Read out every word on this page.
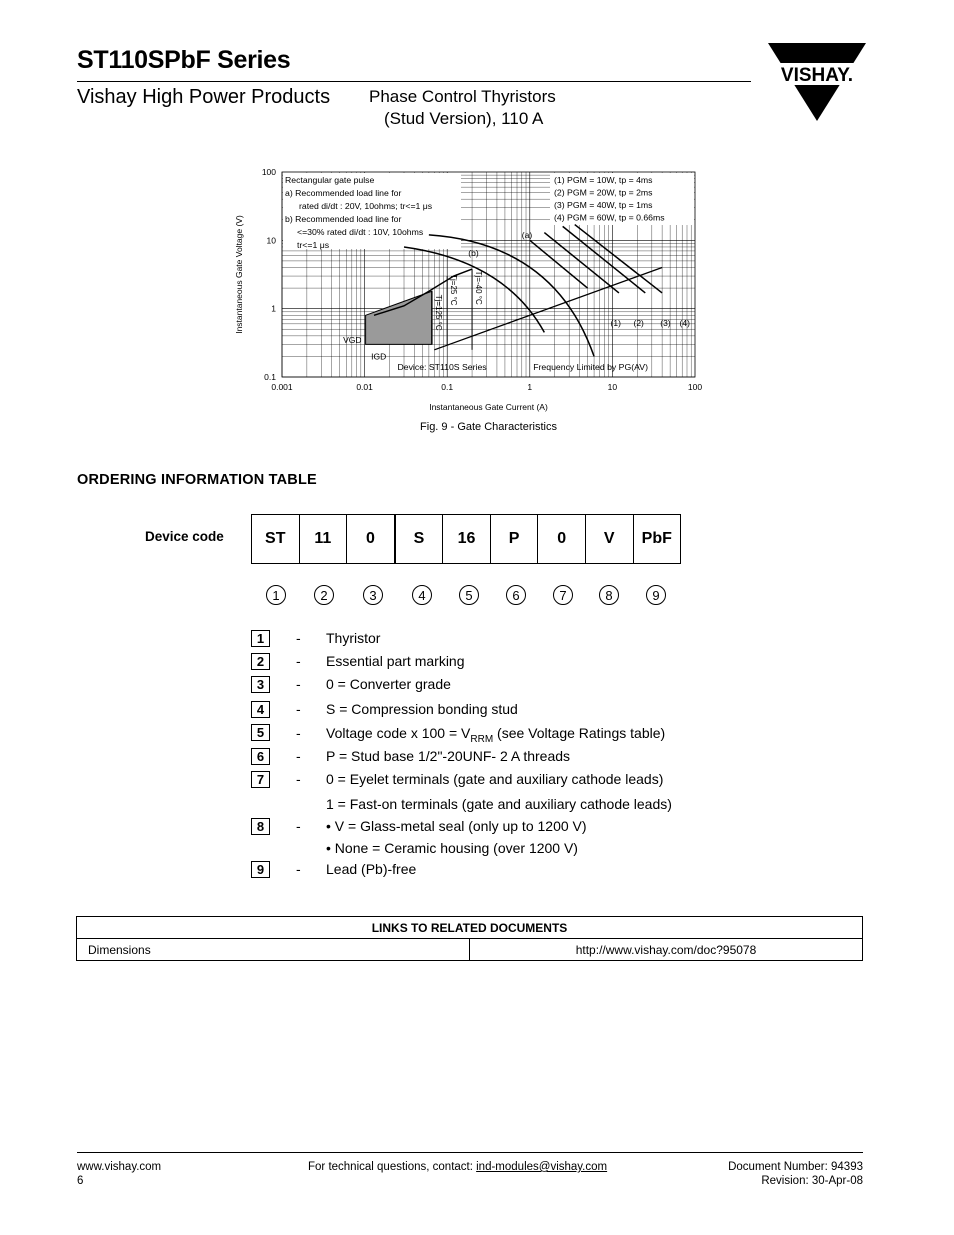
ST110SPbF Series
Vishay High Power Products Phase Control Thyristors
(Stud Version), 110 A
VISHAY.
0.001	0.01	0.1	1	10	100
0.1
1
10
100
Instantaneous Gate Current (A)
Instantaneous Gate Voltage (V)
Rectangular gate pulse
a) Recommended load line for
rated di/dt : 20V, 10ohms; tr<=1 μs
b) Recommended load line for
<=30% rated di/dt : 10V, 10ohms
tr<=1 μs
(1) PGM = 10W, tp = 4ms
(2) PGM = 20W, tp = 2ms
(3) PGM = 40W, tp = 1ms
(4) PGM = 60W, tp = 0.66ms
(a)
(b)
Tj=125 °C
Tj=25 °C Tj=-40 °C
VGD
IGD
(1) (2) (3) (4)
Device: ST110S Series	Frequency Limited by PG(AV)
Fig. 9 - Gate Characteristics
ORDERING INFORMATION TABLE
Device code	ST	11	0	S	16	P	0	V	PbF
1	2	3	4	5	6	7	8	9
1	- Thyristor
2	- Essential part marking
3	- 0 = Converter grade
4	- S = Compression bonding stud
5	- Voltage code x $100 = V_{RRM}$ (see Voltage Ratings table)
6	- P = Stud base 1/2"-20UNF- 2 A threads
7	- 0 = Eyelet terminals (gate and auxiliary cathode leads)
1 = Fast-on terminals (gate and auxiliary cathode leads)
8	- • V = Glass-metal seal (only up to 1200 V)
• None = Ceramic housing (over 1200 V)
9	- Lead (Pb)-free
LINKS TO RELATED DOCUMENTS
Dimensions	http://www.vishay.com/doc?95078
www.vishay.com
6
For technical questions, contact: ind-modules@vishay.com	Document Number: 94393
Revision: 30-Apr-08
